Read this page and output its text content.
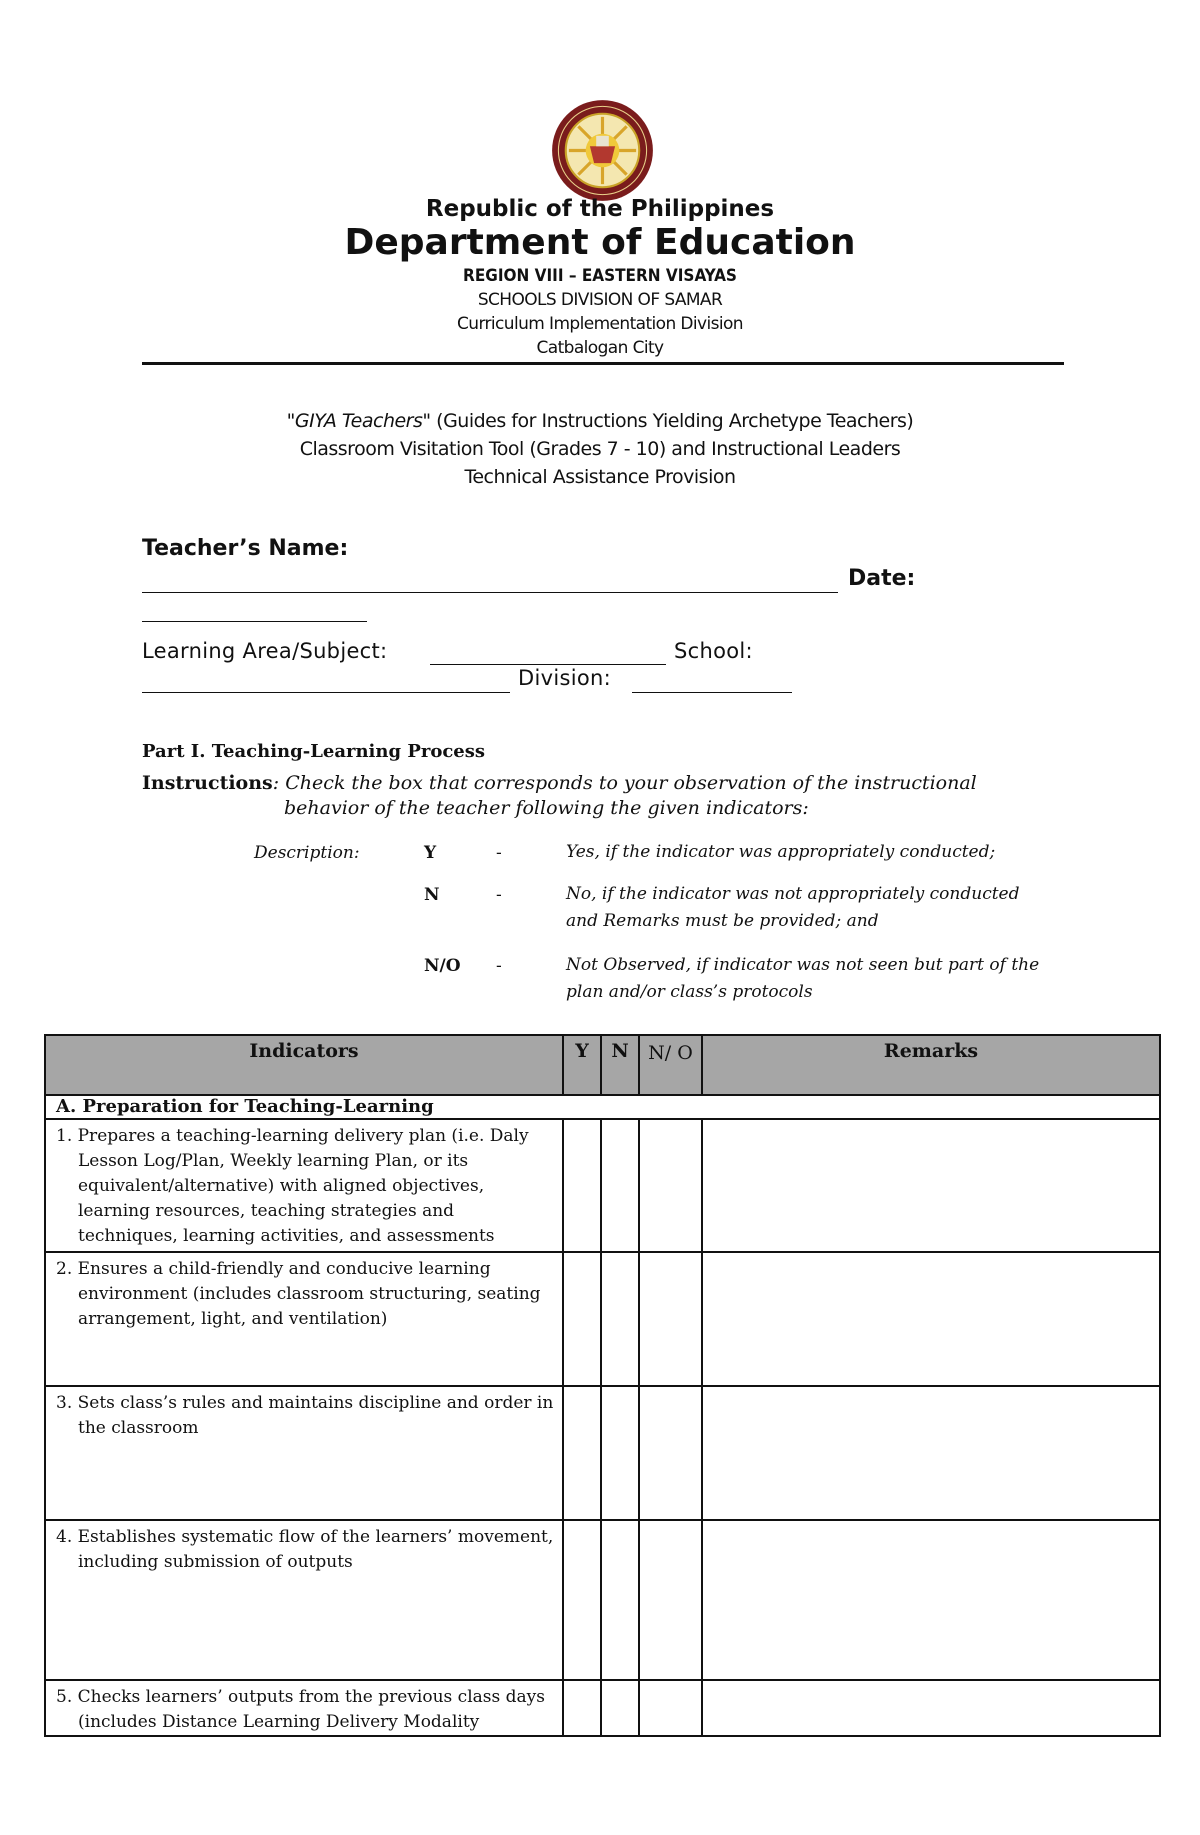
Republic of the Philippines
Department of Education
REGION VIII – EASTERN VISAYAS
SCHOOLS DIVISION OF SAMAR
Curriculum Implementation Division
Catbalogan City
"GIYA Teachers" (Guides for Instructions Yielding Archetype Teachers)
Classroom Visitation Tool (Grades 7 - 10) and Instructional Leaders
Technical Assistance Provision
Teacher’s Name:
Date:
Learning Area/Subject:	School:
Division:
Part I. Teaching-Learning Process
Instructions: Check the box that corresponds to your observation of the instructional
behavior of the teacher following the given indicators:
Description:	Y	-	Yes, if the indicator was appropriately conducted;
N	-	No, if the indicator was not appropriately conducted and Remarks must be provided; and
N/O -	Not Observed, if indicator was not seen but part of the plan and/or class’s protocols
Indicators	Y	N	N/ O	Remarks
A. Preparation for Teaching-Learning				
1. Prepares a teaching-learning delivery plan (i.e. Daly Lesson Log/Plan, Weekly learning Plan, or its equivalent/alternative) with aligned objectives, learning resources, teaching strategies and techniques, learning activities, and assessments				
2. Ensures a child-friendly and conducive learning environment (includes classroom structuring, seating arrangement, light, and ventilation)				
3. Sets class’s rules and maintains discipline and order in the classroom				
4. Establishes systematic flow of the learners’ movement, including submission of outputs				
5. Checks learners’ outputs from the previous class days (includes Distance Learning Delivery Modality				
